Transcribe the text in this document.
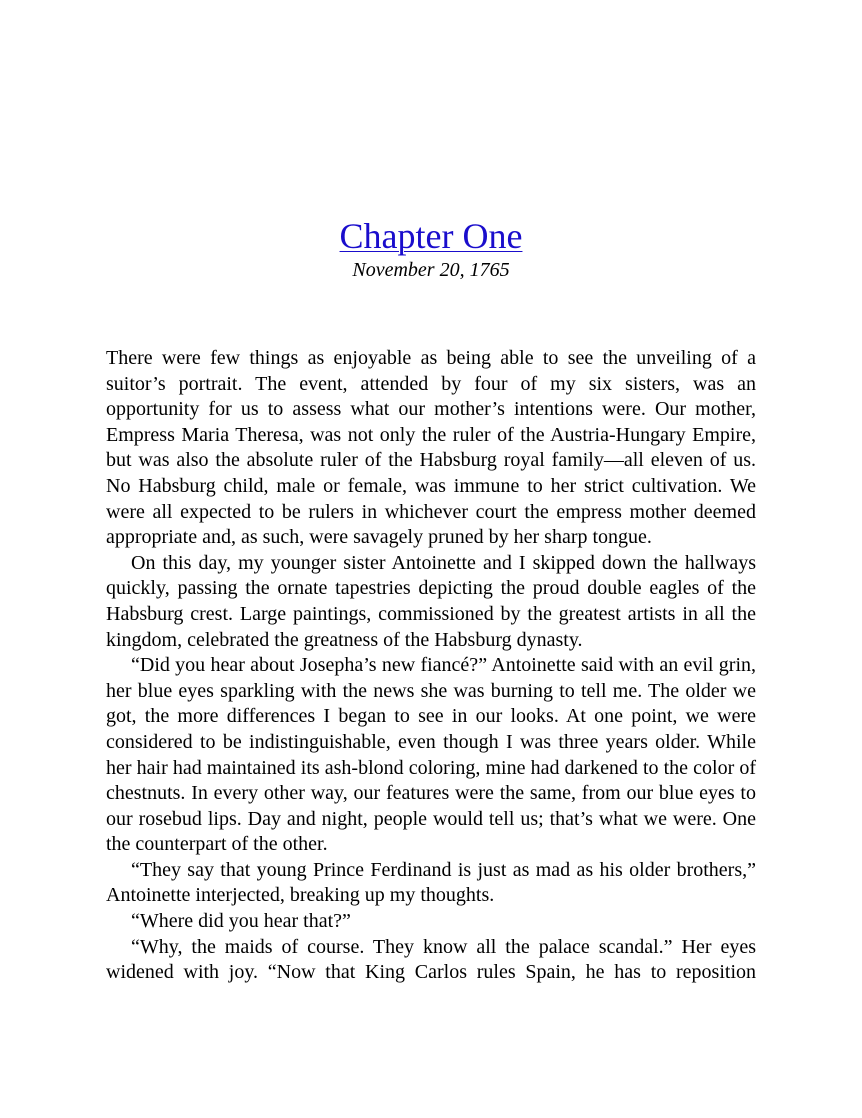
Chapter One
November 20, 1765

There were few things as enjoyable as being able to see the unveiling of a suitor’s portrait. The event, attended by four of my six sisters, was an opportunity for us to assess what our mother’s intentions were. Our mother, Empress Maria Theresa, was not only the ruler of the Austria-Hungary Empire, but was also the absolute ruler of the Habsburg royal family—all eleven of us. No Habsburg child, male or female, was immune to her strict cultivation. We were all expected to be rulers in whichever court the empress mother deemed appropriate and, as such, were savagely pruned by her sharp tongue.

On this day, my younger sister Antoinette and I skipped down the hallways quickly, passing the ornate tapestries depicting the proud double eagles of the Habsburg crest. Large paintings, commissioned by the greatest artists in all the kingdom, celebrated the greatness of the Habsburg dynasty.

“Did you hear about Josepha’s new fiancé?” Antoinette said with an evil grin, her blue eyes sparkling with the news she was burning to tell me. The older we got, the more differences I began to see in our looks. At one point, we were considered to be indistinguishable, even though I was three years older. While her hair had maintained its ash-blond coloring, mine had darkened to the color of chestnuts. In every other way, our features were the same, from our blue eyes to our rosebud lips. Day and night, people would tell us; that’s what we were. One the counterpart of the other.

“They say that young Prince Ferdinand is just as mad as his older brothers,” Antoinette interjected, breaking up my thoughts.

“Where did you hear that?”

“Why, the maids of course. They know all the palace scandal.” Her eyes widened with joy. “Now that King Carlos rules Spain, he has to reposition
